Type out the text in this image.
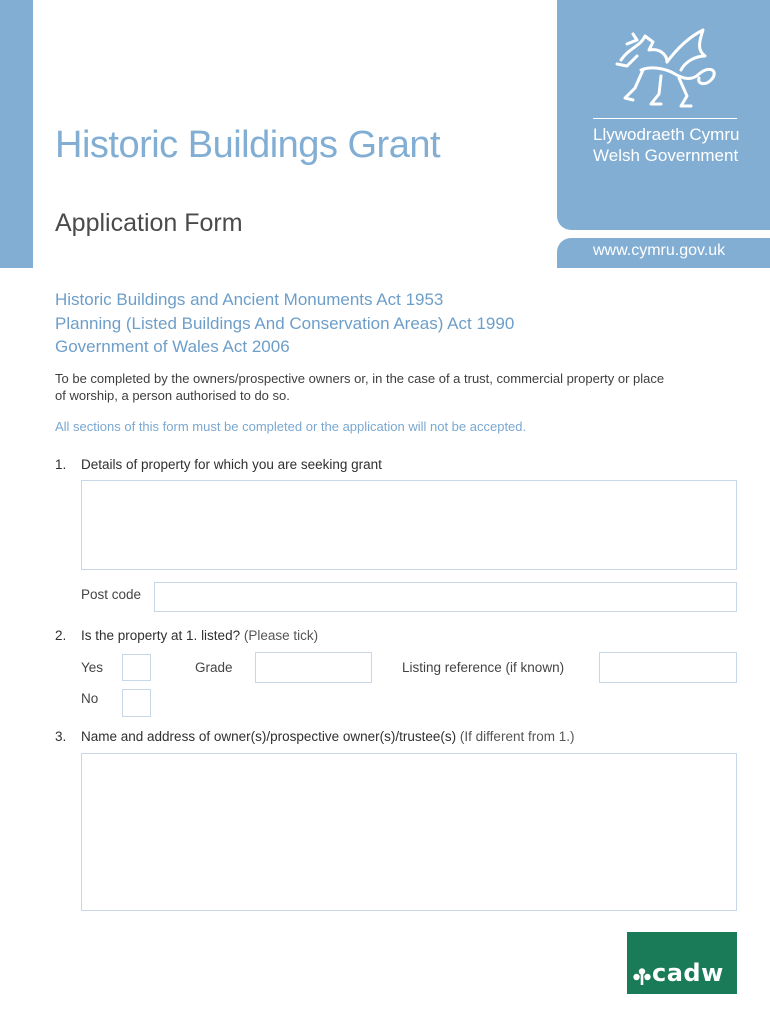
Llywodraeth Cymru
Welsh Government
www.cymru.gov.uk
Historic Buildings Grant
Application Form
Historic Buildings and Ancient Monuments Act 1953
Planning (Listed Buildings And Conservation Areas) Act 1990
Government of Wales Act 2006
To be completed by the owners/prospective owners or, in the case of a trust, commercial property or place
of worship, a person authorised to do so.
All sections of this form must be completed or the application will not be accepted.
1. Details of property for which you are seeking grant
Post code
2. Is the property at 1. listed? (Please tick)
Yes	Grade	Listing reference (if known)
No
3. Name and address of owner(s)/prospective owner(s)/trustee(s) (If different from 1.)
cadw
